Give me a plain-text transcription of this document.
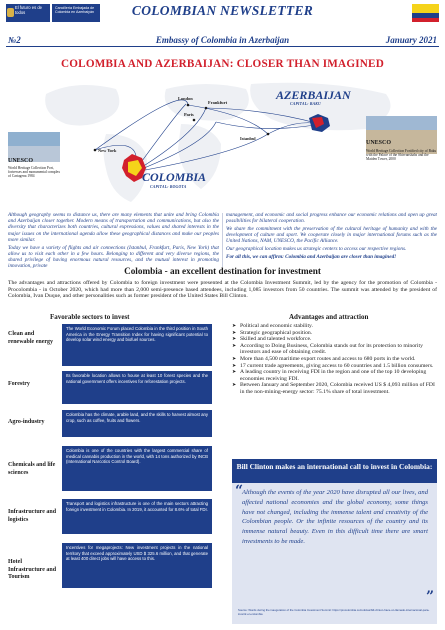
El futuro es de todos
Cancillería Embajada de Colombia en Azerbaiyán	COLOMBIAN NEWSLETTER
№2	Embassy of Colombia in Azerbaijan	January 2021
COLOMBIA AND AZERBAIJAN: CLOSER THAN IMAGINED
New York
London
Frankfurt
Paris
Istanbul
COLOMBIA
CAPITAL: BOGOTA
AZERBAIJAN
CAPITAL: BAKU
UNESCO
World Heritage Collection Port, fortresses and monumental complex of Cartagena 1984
UNESCO
World Heritage Collection Fortified city of Baku with the Palace of the Shirvanshahs and the Maiden Tower, 2000

Although geography seems to distance us, there are many elements that unite and bring Colombia and Azerbaijan closer together. Modern means of transportation and communications, but also the diversity that characterizes both countries, cultural expressions, values and shared interests in the major issues on the international agenda allow these geographical distances and make our peoples more similar.

Today we have a variety of flights and air connections (Istanbul, Frankfurt, Paris, New York) that allow us to visit each other in a few hours. Belonging to different and very diverse regions, the shared privilege of having enormous natural resources, and the mutual interest in promoting innovation, private

management, and economic and social progress enhance our economic relations and open up great possibilities for bilateral cooperation.

We share the commitment with the preservation of the cultural heritage of humanity and with the development of culture and sport. We cooperate closely in major international forums such as the United Nations, NAM, UNESCO, the Pacific Alliance.

Our geographical location makes us strategic centers to access our respective regions.

For all this, we can affirm: Colombia and Azerbaijan are closer than imagined!

Colombia - an excellent destination for investment
The advantages and attractions offered by Colombia to foreign investment were presented at the Colombia Investment Summit, led by the agency for the promotion of Colombia - Procolombia - in October 2020, which had more than 2,000 semi-presence based attendees, including 1,085 investors from 50 countries. The summit was attended by the president of Colombia, Ivan Duque, and other personalities such as former president of the United States Bill Clinton.
Favorable sectors to invest	Advantages and attraction
Clean and renewable energy
The World Economic Forum placed Colombia in the third position in South America in the Energy Transition Index for having significant potential to develop solar wind energy and biofuel sources.
Forestry
Its favorable location allows to house at least 10 forest species and the national government offers incentives for reforestation projects.
Agro-industry
Colombia has the climate, arable land, and the skills to harvest almost any crop, such as coffee, fruits and flowers.
Chemicals and life sciences
Colombia is one of the countries with the largest commercial share of medical cannabis production in the world, with 14 tons authorized by INCB (International Narcotics Control Board).
Infrastructure and logistics
Transport and logistics infrastructure is one of the main sectors attracting foreign investment in Colombia. In 2019, it accounted for 8.6% of total FDI.
Hotel Infrastructure and Tourism
Incentives for megaprojects: New investment projects in the national territory that exceed approximately USD $ 325.6 million, and that generate at least 400 direct jobs will have access to this.
➤ Political and economic stability.
➤ Strategic geographical position.
➤ Skilled and talented workforce.
➤ According to Doing Business, Colombia stands out for its protection to minority investors and ease of obtaining credit.
➤ More than 4,500 maritime export routes and access to 680 ports in the world.
➤ 17 current trade agreements, giving access to 60 countries and 1.5 billion consumers.
➤ A leading country in receiving FDI in the region and one of the top 10 developing economies receiving FDI.
➤ Between January and September 2020, Colombia received US $ 4,093 million of FDI in the non-mining-energy sector: 75.1% share of total investment.
Bill Clinton makes an international call to invest in Colombia:
“
Although the events of the year 2020 have disrupted all our lives, and affected national economies and the global economy, some things have not changed, including the immense talent and creativity of the Colombian people. Or the infinite resources of the country and its immense natural beauty. Even in this difficult time there are smart investments to be made.
”
Source: Words during the inauguration of the Colombia Investment Summit: https://procolombia.co/noticias/bill-clinton-hace-un-llamado-internacional-para-invertir-en-colombia
